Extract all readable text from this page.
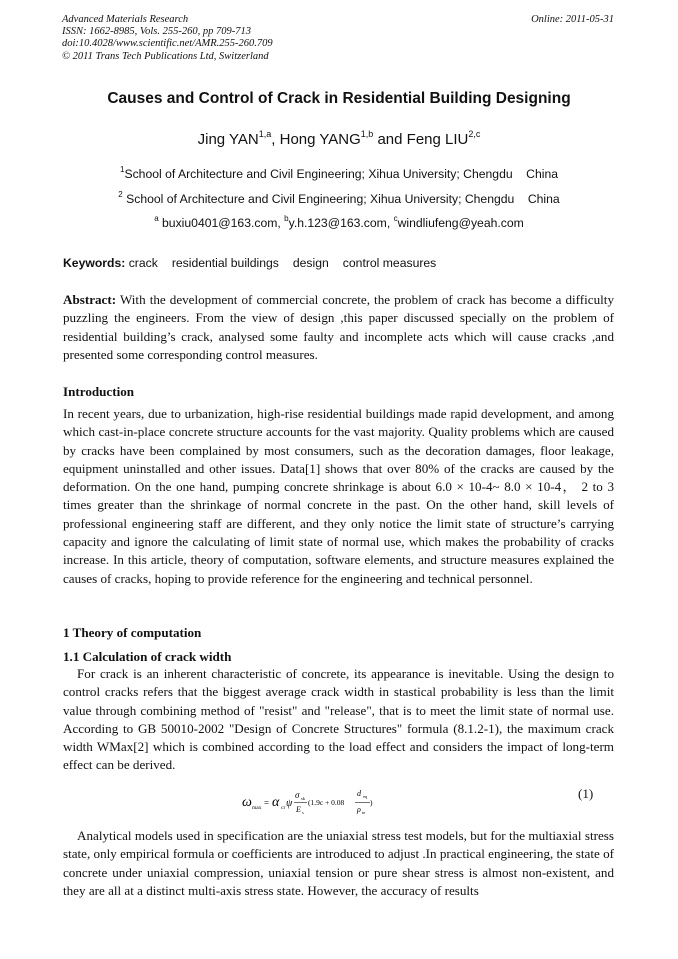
Advanced Materials Research
ISSN: 1662-8985, Vols. 255-260, pp 709-713
doi:10.4028/www.scientific.net/AMR.255-260.709
© 2011 Trans Tech Publications Ltd, Switzerland
Online: 2011-05-31
Causes and Control of Crack in Residential Building Designing
Jing YAN$^{1,a}$, Hong YANG$^{1,b}$ and Feng LIU$^{2,c}$
$^1$School of Architecture and Civil Engineering; Xihua University; Chengdu    China
$^2$ School of Architecture and Civil Engineering; Xihua University; Chengdu    China
$^a$ buxiu0401@163.com, $^b$y.h.123@163.com, $^c$windliufeng@yeah.com
Keywords: crack residential buildings design control measures
Abstract: With the development of commercial concrete, the problem of crack has become a difficulty puzzling the engineers. From the view of design ,this paper discussed specially on the problem of residential building’s crack, analysed some faulty and incomplete acts which will cause cracks ,and presented some corresponding control measures.
Introduction
In recent years, due to urbanization, high-rise residential buildings made rapid development, and among which cast-in-place concrete structure accounts for the vast majority. Quality problems which are caused by cracks have been complained by most consumers, such as the decoration damages, floor leakage, equipment uninstalled and other issues. Data[1] shows that over 80% of the cracks are caused by the deformation. On the one hand, pumping concrete shrinkage is about 6.0 × 10-4~ 8.0 × 10-4， 2 to 3 times greater than the shrinkage of normal concrete in the past. On the other hand, skill levels of professional engineering staff are different, and they only notice the limit state of structure’s carrying capacity and ignore the calculating of limit state of normal use, which makes the probability of cracks increase. In this article, theory of computation, software elements, and structure measures explained the causes of cracks, hoping to provide reference for the engineering and technical personnel.
1 Theory of computation
1.1 Calculation of crack width
For crack is an inherent characteristic of concrete, its appearance is inevitable. Using the design to control cracks refers that the biggest average crack width in stastical probability is less than the limit value through combining method of "resist" and "release", that is to meet the limit state of normal use. According to GB 50010-2002 "Design of Concrete Structures" formula (8.1.2-1), the maximum crack width WMax[2] which is combined according to the load effect and considers the impact of long-term effect can be derived.
ω max = α cr ψ
σ sk
E s
(1.9c + 0.08
d eq
ρ te
)
(1)
Analytical models used in specification are the uniaxial stress test models, but for the multiaxial stress state, only empirical formula or coefficients are introduced to adjust .In practical engineering, the state of concrete under uniaxial compression, uniaxial tension or pure shear stress is almost non-existent, and they are all at a distinct multi-axis stress state. However, the accuracy of results
